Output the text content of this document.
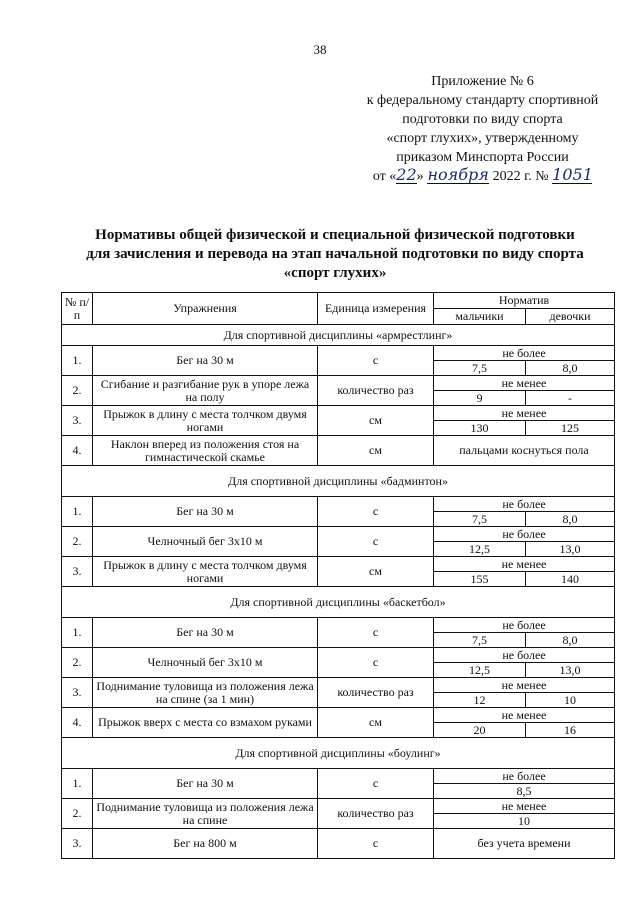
38
Приложение № 6
к федеральному стандарту спортивной
подготовки по виду спорта
«спорт глухих», утвержденному
приказом Минспорта России
от «22» ноября 2022 г. № 1051
Нормативы общей физической и специальной физической подготовки
для зачисления и перевода на этап начальной подготовки по виду спорта
«спорт глухих»
№ п/п	Упражнения	Единица измерения	Норматив	
			мальчики	девочки
Для спортивной дисциплины «армрестлинг»				
1.	Бег на 30 м	с	не более	
			7,5	8,0
2.	Сгибание и разгибание рук в упоре лежа на полу	количество раз	не менее	
			9	-
3.	Прыжок в длину с места толчком двумя ногами	см	не менее	
			130	125
4.	Наклон вперед из положения стоя на гимнастической скамье	см	пальцами коснуться пола	
Для спортивной дисциплины «бадминтон»				
1.	Бег на 30 м	с	не более	
			7,5	8,0
2.	Челночный бег 3x10 м	с	не более	
			12,5	13,0
3.	Прыжок в длину с места толчком двумя ногами	см	не менее	
			155	140
Для спортивной дисциплины «баскетбол»				
1.	Бег на 30 м	с	не более	
			7,5	8,0
2.	Челночный бег 3x10 м	с	не более	
			12,5	13,0
3.	Поднимание туловища из положения лежа на спине (за 1 мин)	количество раз	не менее	
			12	10
4.	Прыжок вверх с места со взмахом руками	см	не менее	
			20	16
Для спортивной дисциплины «боулинг»				
1.	Бег на 30 м	с	не более	
			8,5	
2.	Поднимание туловища из положения лежа на спине	количество раз	не менее	
			10	
3.	Бег на 800 м	с	без учета времени	
